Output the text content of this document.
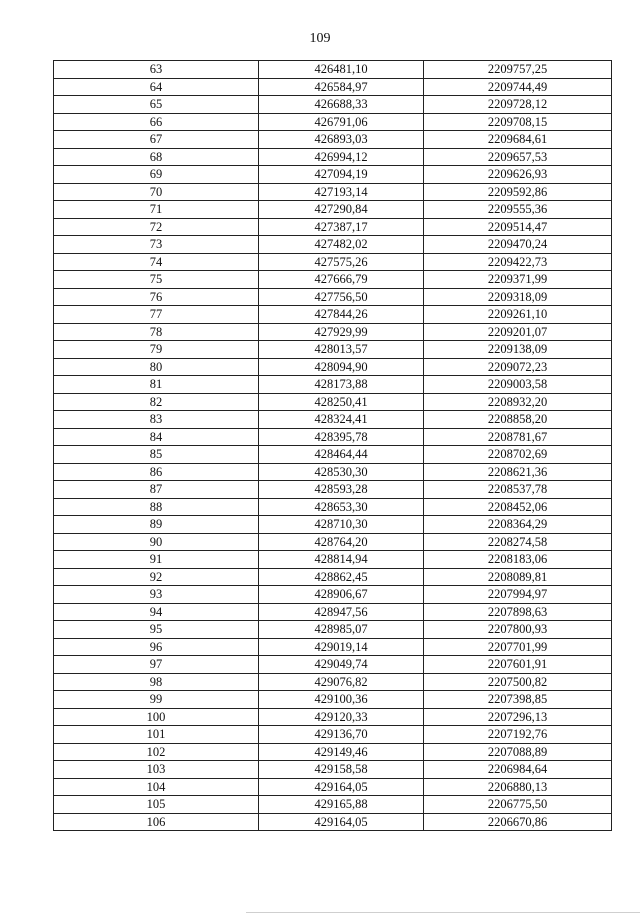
109
63	426481,10	2209757,25
64	426584,97	2209744,49
65	426688,33	2209728,12
66	426791,06	2209708,15
67	426893,03	2209684,61
68	426994,12	2209657,53
69	427094,19	2209626,93
70	427193,14	2209592,86
71	427290,84	2209555,36
72	427387,17	2209514,47
73	427482,02	2209470,24
74	427575,26	2209422,73
75	427666,79	2209371,99
76	427756,50	2209318,09
77	427844,26	2209261,10
78	427929,99	2209201,07
79	428013,57	2209138,09
80	428094,90	2209072,23
81	428173,88	2209003,58
82	428250,41	2208932,20
83	428324,41	2208858,20
84	428395,78	2208781,67
85	428464,44	2208702,69
86	428530,30	2208621,36
87	428593,28	2208537,78
88	428653,30	2208452,06
89	428710,30	2208364,29
90	428764,20	2208274,58
91	428814,94	2208183,06
92	428862,45	2208089,81
93	428906,67	2207994,97
94	428947,56	2207898,63
95	428985,07	2207800,93
96	429019,14	2207701,99
97	429049,74	2207601,91
98	429076,82	2207500,82
99	429100,36	2207398,85
100	429120,33	2207296,13
101	429136,70	2207192,76
102	429149,46	2207088,89
103	429158,58	2206984,64
104	429164,05	2206880,13
105	429165,88	2206775,50
106	429164,05	2206670,86
